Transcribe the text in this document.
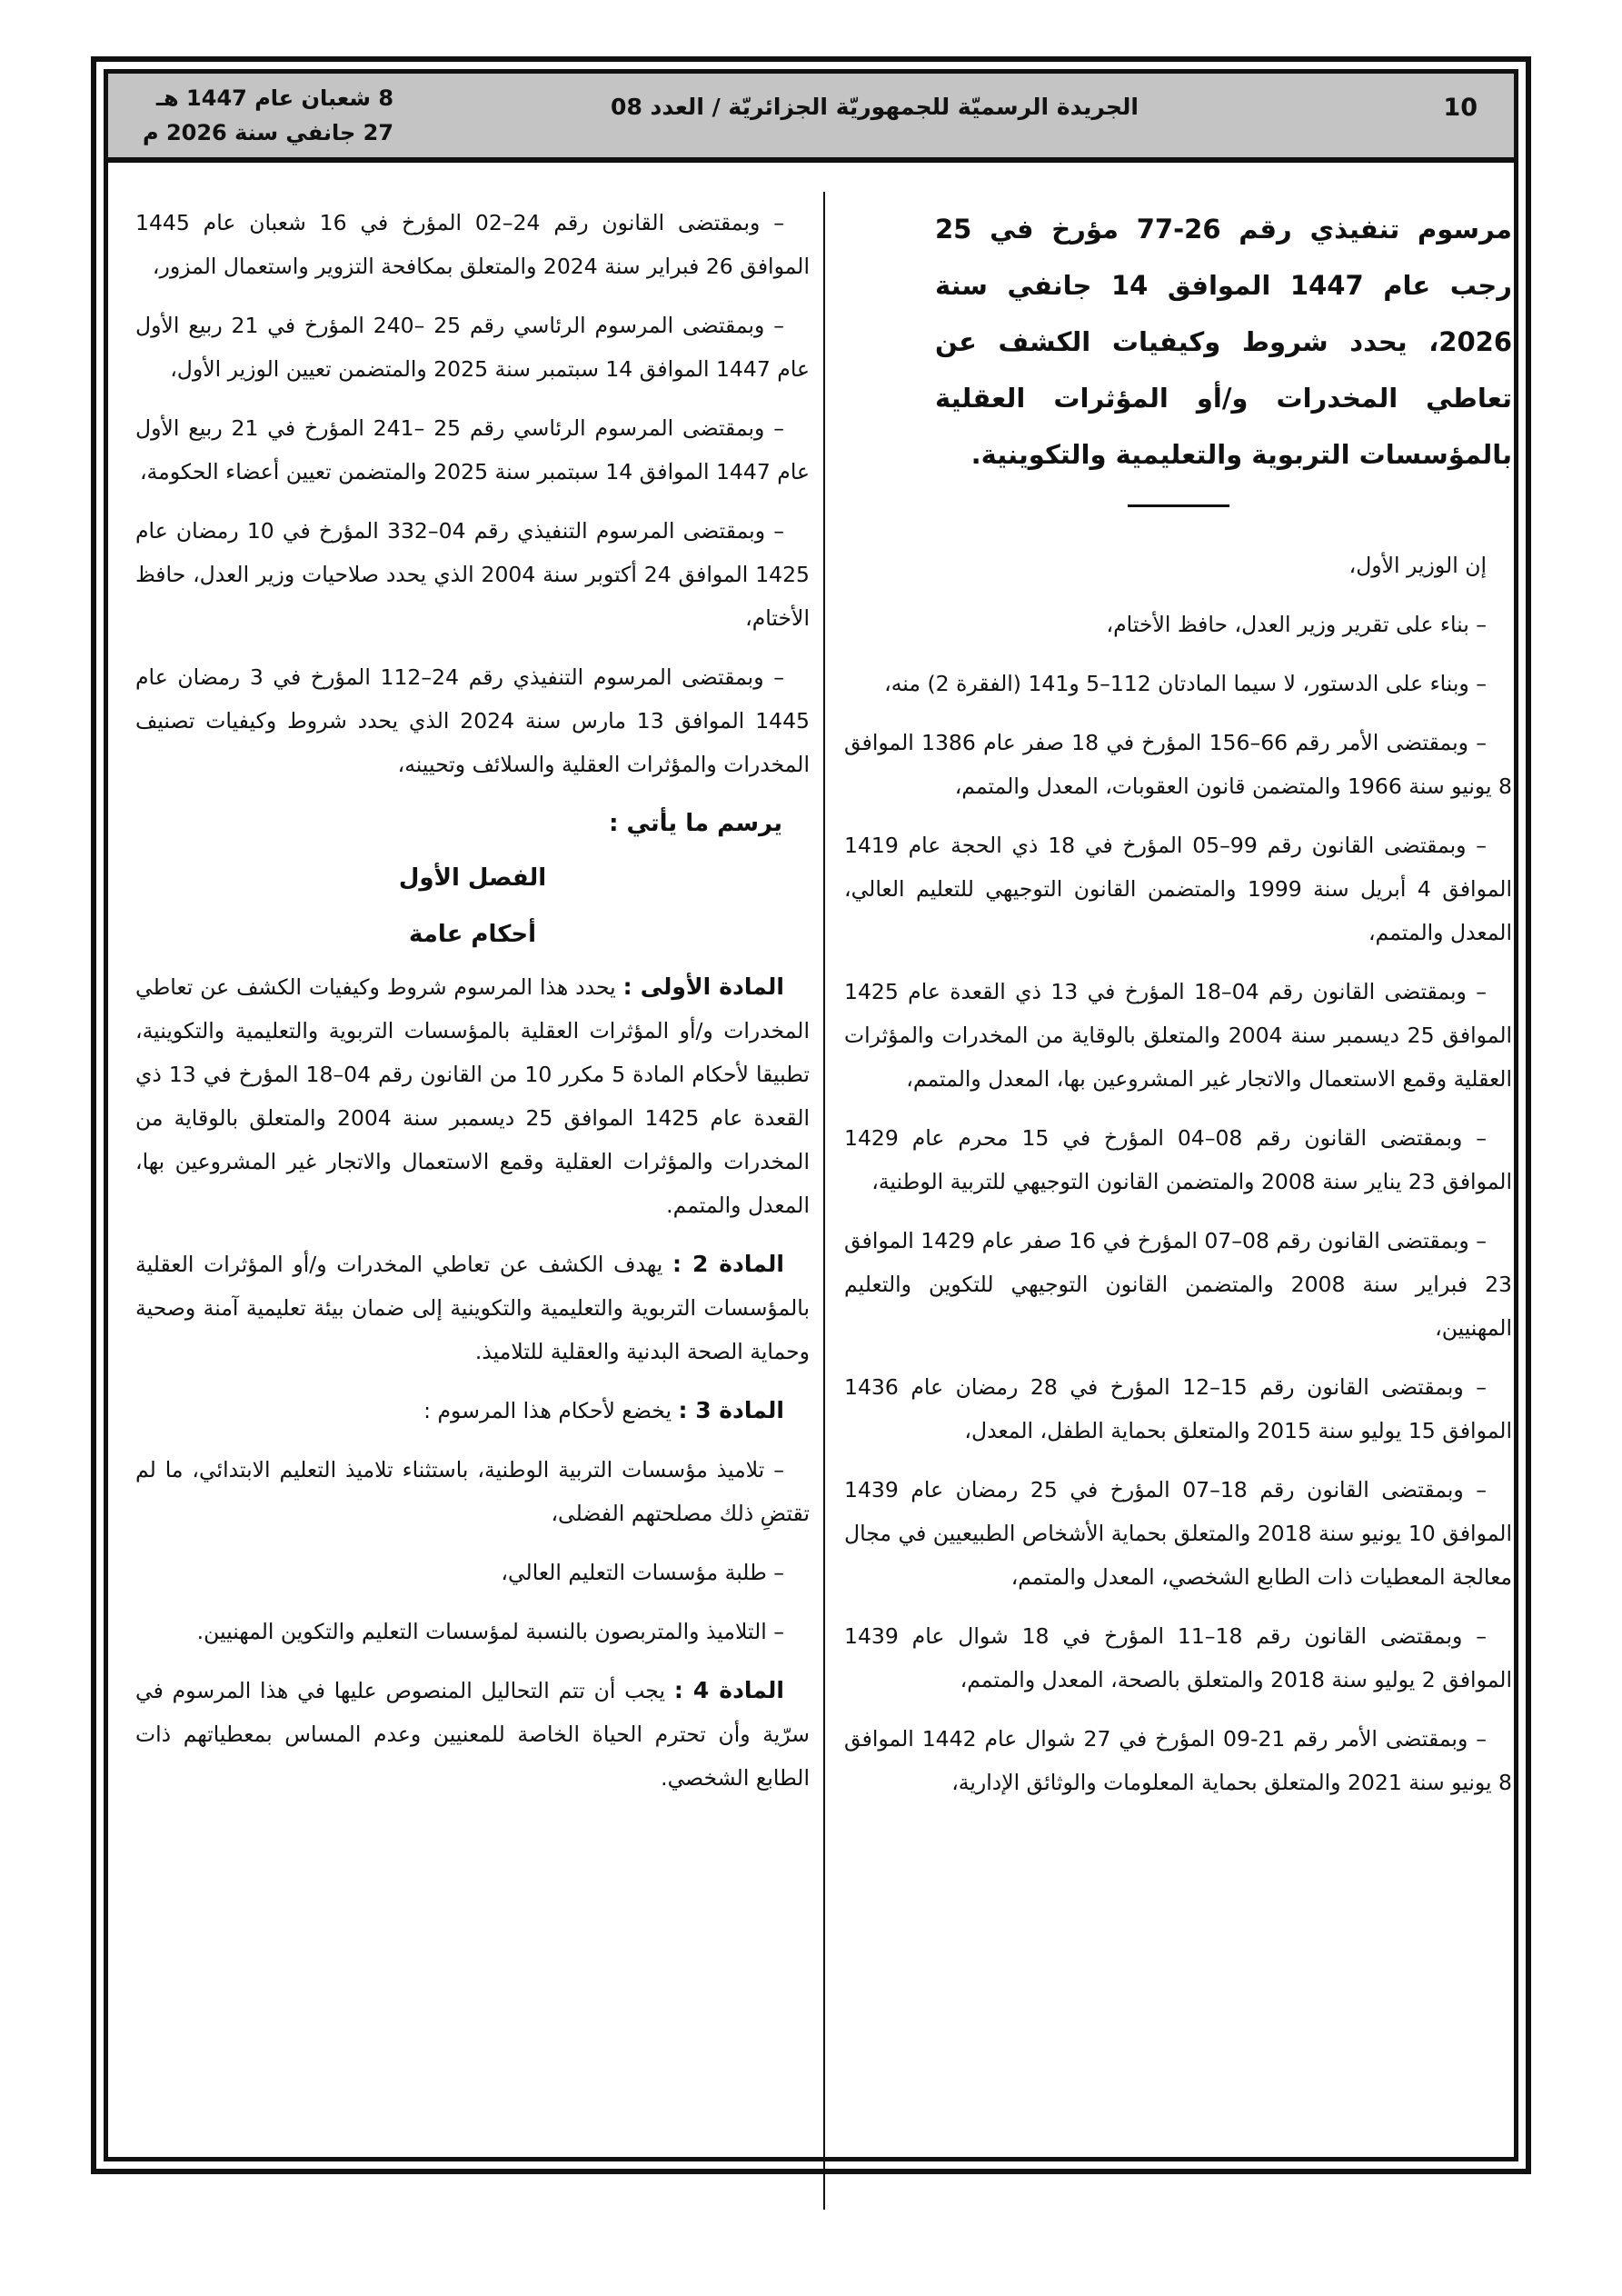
10
الجريدة الرسميّة للجمهوريّة الجزائريّة / العدد 08
8 شعبان عام 1447 هـ
27 جانفي سنة 2026 م
مرسوم تنفيذي رقم 26-77 مؤرخ في 25 رجب عام 1447 الموافق 14 جانفي سنة 2026، يحدد شروط وكيفيات الكشف عن تعاطي المخدرات و/أو المؤثرات العقلية بالمؤسسات التربوية والتعليمية والتكوينية.

إن الوزير الأول،

– بناء على تقرير وزير العدل، حافظ الأختام،

– وبناء على الدستور، لا سيما المادتان 112–5 و141 (الفقرة 2) منه،

– وبمقتضى الأمر رقم 66–156 المؤرخ في 18 صفر عام 1386 الموافق 8 يونيو سنة 1966 والمتضمن قانون العقوبات، المعدل والمتمم،

– وبمقتضى القانون رقم 99–05 المؤرخ في 18 ذي الحجة عام 1419 الموافق 4 أبريل سنة 1999 والمتضمن القانون التوجيهي للتعليم العالي، المعدل والمتمم،

– وبمقتضى القانون رقم 04–18 المؤرخ في 13 ذي القعدة عام 1425 الموافق 25 ديسمبر سنة 2004 والمتعلق بالوقاية من المخدرات والمؤثرات العقلية وقمع الاستعمال والاتجار غير المشروعين بها، المعدل والمتمم،

– وبمقتضى القانون رقم 08–04 المؤرخ في 15 محرم عام 1429 الموافق 23 يناير سنة 2008 والمتضمن القانون التوجيهي للتربية الوطنية،

– وبمقتضى القانون رقم 08–07 المؤرخ في 16 صفر عام 1429 الموافق 23 فبراير سنة 2008 والمتضمن القانون التوجيهي للتكوين والتعليم المهنيين،

– وبمقتضى القانون رقم 15–12 المؤرخ في 28 رمضان عام 1436 الموافق 15 يوليو سنة 2015 والمتعلق بحماية الطفل، المعدل،

– وبمقتضى القانون رقم 18–07 المؤرخ في 25 رمضان عام 1439 الموافق 10 يونيو سنة 2018 والمتعلق بحماية الأشخاص الطبيعيين في مجال معالجة المعطيات ذات الطابع الشخصي، المعدل والمتمم،

– وبمقتضى القانون رقم 18–11 المؤرخ في 18 شوال عام 1439 الموافق 2 يوليو سنة 2018 والمتعلق بالصحة، المعدل والمتمم،

– وبمقتضى الأمر رقم 21-09 المؤرخ في 27 شوال عام 1442 الموافق 8 يونيو سنة 2021 والمتعلق بحماية المعلومات والوثائق الإدارية،

– وبمقتضى القانون رقم 24–02 المؤرخ في 16 شعبان عام 1445 الموافق 26 فبراير سنة 2024 والمتعلق بمكافحة التزوير واستعمال المزور،

– وبمقتضى المرسوم الرئاسي رقم 25 –240 المؤرخ في 21 ربيع الأول عام 1447 الموافق 14 سبتمبر سنة 2025 والمتضمن تعيين الوزير الأول،

– وبمقتضى المرسوم الرئاسي رقم 25 –241 المؤرخ في 21 ربيع الأول عام 1447 الموافق 14 سبتمبر سنة 2025 والمتضمن تعيين أعضاء الحكومة،

– وبمقتضى المرسوم التنفيذي رقم 04–332 المؤرخ في 10 رمضان عام 1425 الموافق 24 أكتوبر سنة 2004 الذي يحدد صلاحيات وزير العدل، حافظ الأختام،

– وبمقتضى المرسوم التنفيذي رقم 24–112 المؤرخ في 3 رمضان عام 1445 الموافق 13 مارس سنة 2024 الذي يحدد شروط وكيفيات تصنيف المخدرات والمؤثرات العقلية والسلائف وتحيينه،

يرسم ما يأتي :
الفصل الأول
أحكام عامة

المادة الأولى : يحدد هذا المرسوم شروط وكيفيات الكشف عن تعاطي المخدرات و/أو المؤثرات العقلية بالمؤسسات التربوية والتعليمية والتكوينية، تطبيقا لأحكام المادة 5 مكرر 10 من القانون رقم 04–18 المؤرخ في 13 ذي القعدة عام 1425 الموافق 25 ديسمبر سنة 2004 والمتعلق بالوقاية من المخدرات والمؤثرات العقلية وقمع الاستعمال والاتجار غير المشروعين بها، المعدل والمتمم.

المادة 2 : يهدف الكشف عن تعاطي المخدرات و/أو المؤثرات العقلية بالمؤسسات التربوية والتعليمية والتكوينية إلى ضمان بيئة تعليمية آمنة وصحية وحماية الصحة البدنية والعقلية للتلاميذ.

المادة 3 : يخضع لأحكام هذا المرسوم :

– تلاميذ مؤسسات التربية الوطنية، باستثناء تلاميذ التعليم الابتدائي، ما لم تقتضِ ذلك مصلحتهم الفضلى،

– طلبة مؤسسات التعليم العالي،

– التلاميذ والمتربصون بالنسبة لمؤسسات التعليم والتكوين المهنيين.

المادة 4 : يجب أن تتم التحاليل المنصوص عليها في هذا المرسوم في سرّية وأن تحترم الحياة الخاصة للمعنيين وعدم المساس بمعطياتهم ذات الطابع الشخصي.
